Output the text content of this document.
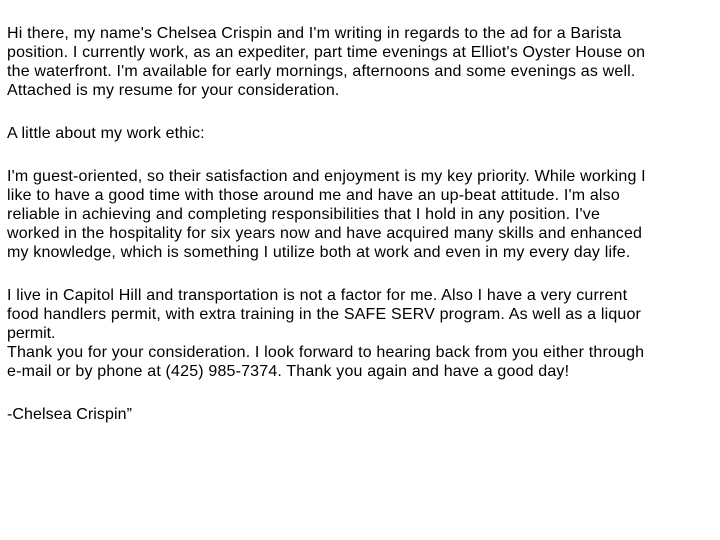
Hi there, my name's Chelsea Crispin and I'm writing in regards to the ad for a Barista
position. I currently work, as an expediter, part time evenings at Elliot's Oyster House on
the waterfront. I'm available for early mornings, afternoons and some evenings as well.
Attached is my resume for your consideration.
A little about my work ethic:
I'm guest-oriented, so their satisfaction and enjoyment is my key priority. While working I
like to have a good time with those around me and have an up-beat attitude. I'm also
reliable in achieving and completing responsibilities that I hold in any position. I've
worked in the hospitality for six years now and have acquired many skills and enhanced
my knowledge, which is something I utilize both at work and even in my every day life.
I live in Capitol Hill and transportation is not a factor for me. Also I have a very current
food handlers permit, with extra training in the SAFE SERV program. As well as a liquor
permit.
Thank you for your consideration. I look forward to hearing back from you either through
e-mail or by phone at (425) 985-7374. Thank you again and have a good day!
-Chelsea Crispin”
